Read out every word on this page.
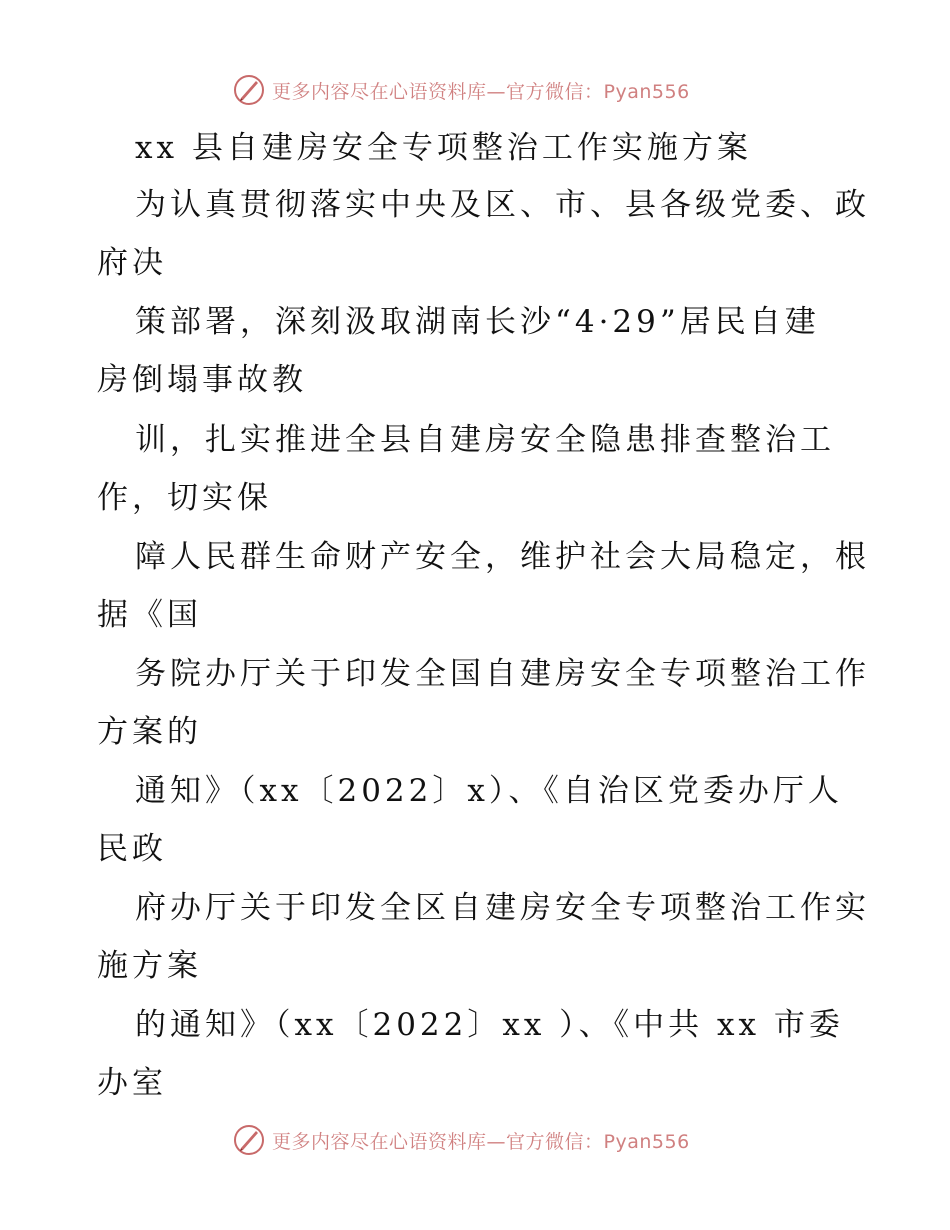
更多内容尽在心语资料库—官方微信：Pyan556
xx 县自建房安全专项整治工作实施方案
为认真贯彻落实中央及区、市、县各级党委、政
府决
策部署，深刻汲取湖南长沙“4·29”居民自建
房倒塌事故教
训，扎实推进全县自建房安全隐患排查整治工
作，切实保
障人民群生命财产安全，维护社会大局稳定，根
据《国
务院办厅关于印发全国自建房安全专项整治工作
方案的
通知》（xx〔2022〕x）、《自治区党委办厅人
民政
府办厅关于印发全区自建房安全专项整治工作实
施方案
的通知》（xx〔2022〕xx ）、《中共 xx 市委
办室
更多内容尽在心语资料库—官方微信：Pyan556
